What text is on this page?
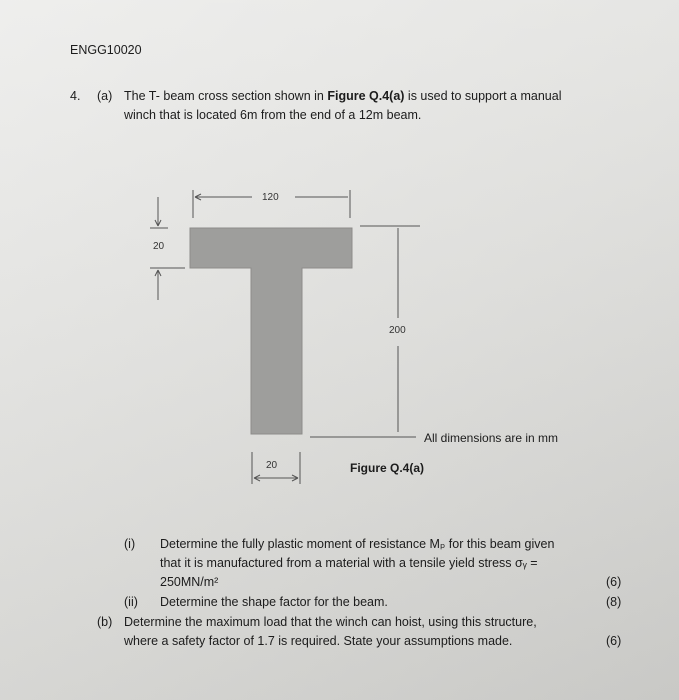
ENGG10020
4. (a) The T- beam cross section shown in Figure Q.4(a) is used to support a manual
winch that is located 6m from the end of a 12m beam.
120
20
200
20
All dimensions are in mm
Figure Q.4(a)
(i) Determine the fully plastic moment of resistance Mₚ for this beam given
that it is manufactured from a material with a tensile yield stress σᵧ =
250MN/m²	(6)
(ii) Determine the shape factor for the beam.	(8)
(b) Determine the maximum load that the winch can hoist, using this structure,
where a safety factor of 1.7 is required. State your assumptions made.	(6)
